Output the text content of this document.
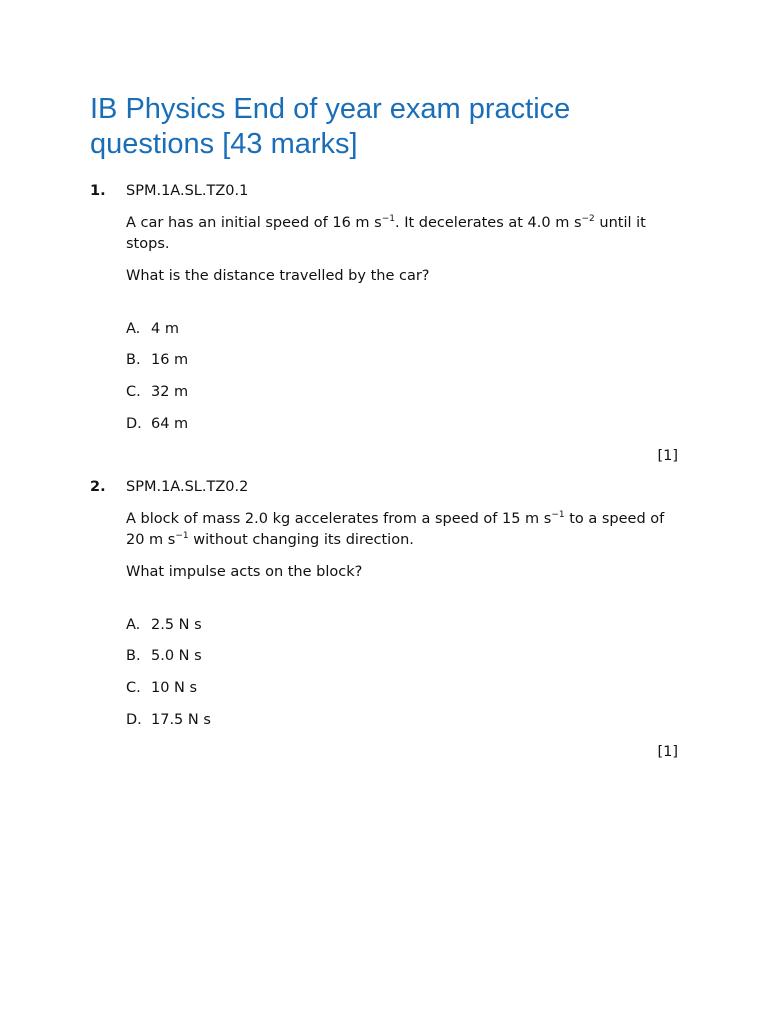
IB Physics End of year exam practice questions [43 marks]
1. SPM.1A.SL.TZ0.1
A car has an initial speed of 16 m $s^{-1}$. It decelerates at 4.0 m $s^{-2}$ until it stops.
What is the distance travelled by the car?
A. 4 m
B. 16 m
C. 32 m
D. 64 m
[1]
2. SPM.1A.SL.TZ0.2
A block of mass 2.0 kg accelerates from a speed of 15 m $s^{-1}$ to a speed of 20 m $s^{-1}$ without changing its direction.
What impulse acts on the block?
A. 2.5 N s
B. 5.0 N s
C. 10 N s
D. 17.5 N s
[1]
